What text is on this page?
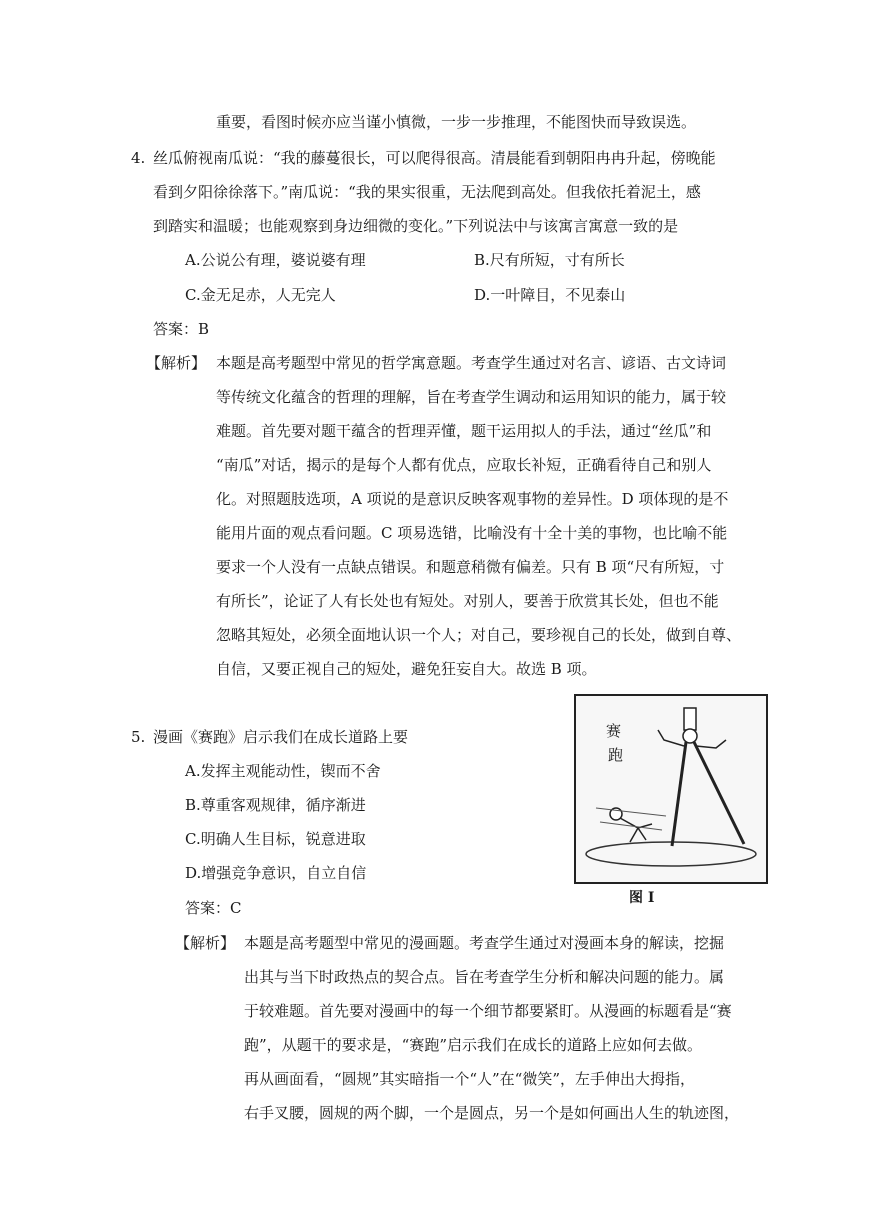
重要，看图时候亦应当谨小慎微，一步一步推理，不能图快而导致误选。
4. 丝瓜俯视南瓜说：“我的藤蔓很长，可以爬得很高。清晨能看到朝阳冉冉升起，傍晚能
看到夕阳徐徐落下。”南瓜说：“我的果实很重，无法爬到高处。但我依托着泥土，感
到踏实和温暖；也能观察到身边细微的变化。”下列说法中与该寓言寓意一致的是
A.公说公有理，婆说婆有理	B.尺有所短，寸有所长
C.金无足赤，人无完人	D.一叶障目，不见泰山
答案：B
【解析】 本题是高考题型中常见的哲学寓意题。考查学生通过对名言、谚语、古文诗词
等传统文化蕴含的哲理的理解，旨在考查学生调动和运用知识的能力，属于较
难题。首先要对题干蕴含的哲理弄懂，题干运用拟人的手法，通过“丝瓜”和
“南瓜”对话，揭示的是每个人都有优点，应取长补短，正确看待自己和别人
化。对照题肢选项，A 项说的是意识反映客观事物的差异性。D 项体现的是不
能用片面的观点看问题。C 项易选错，比喻没有十全十美的事物，也比喻不能
要求一个人没有一点缺点错误。和题意稍微有偏差。只有 B 项“尺有所短，寸
有所长”，论证了人有长处也有短处。对别人，要善于欣赏其长处，但也不能
忽略其短处，必须全面地认识一个人；对自己，要珍视自己的长处，做到自尊、
自信，又要正视自己的短处，避免狂妄自大。故选 B 项。
5. 漫画《赛跑》启示我们在成长道路上要
A.发挥主观能动性，锲而不舍
B.尊重客观规律，循序渐进
C.明确人生目标，锐意进取
D.增强竞争意识，自立自信
答案：C
【解析】 本题是高考题型中常见的漫画题。考查学生通过对漫画本身的解读，挖掘
出其与当下时政热点的契合点。旨在考查学生分析和解决问题的能力。属
于较难题。首先要对漫画中的每一个细节都要紧盯。从漫画的标题看是“赛
跑”，从题干的要求是，“赛跑”启示我们在成长的道路上应如何去做。
再从画面看，“圆规”其实暗指一个“人”在“微笑”，左手伸出大拇指，
右手叉腰，圆规的两个脚，一个是圆点，另一个是如何画出人生的轨迹图，
赛
跑
图 I
